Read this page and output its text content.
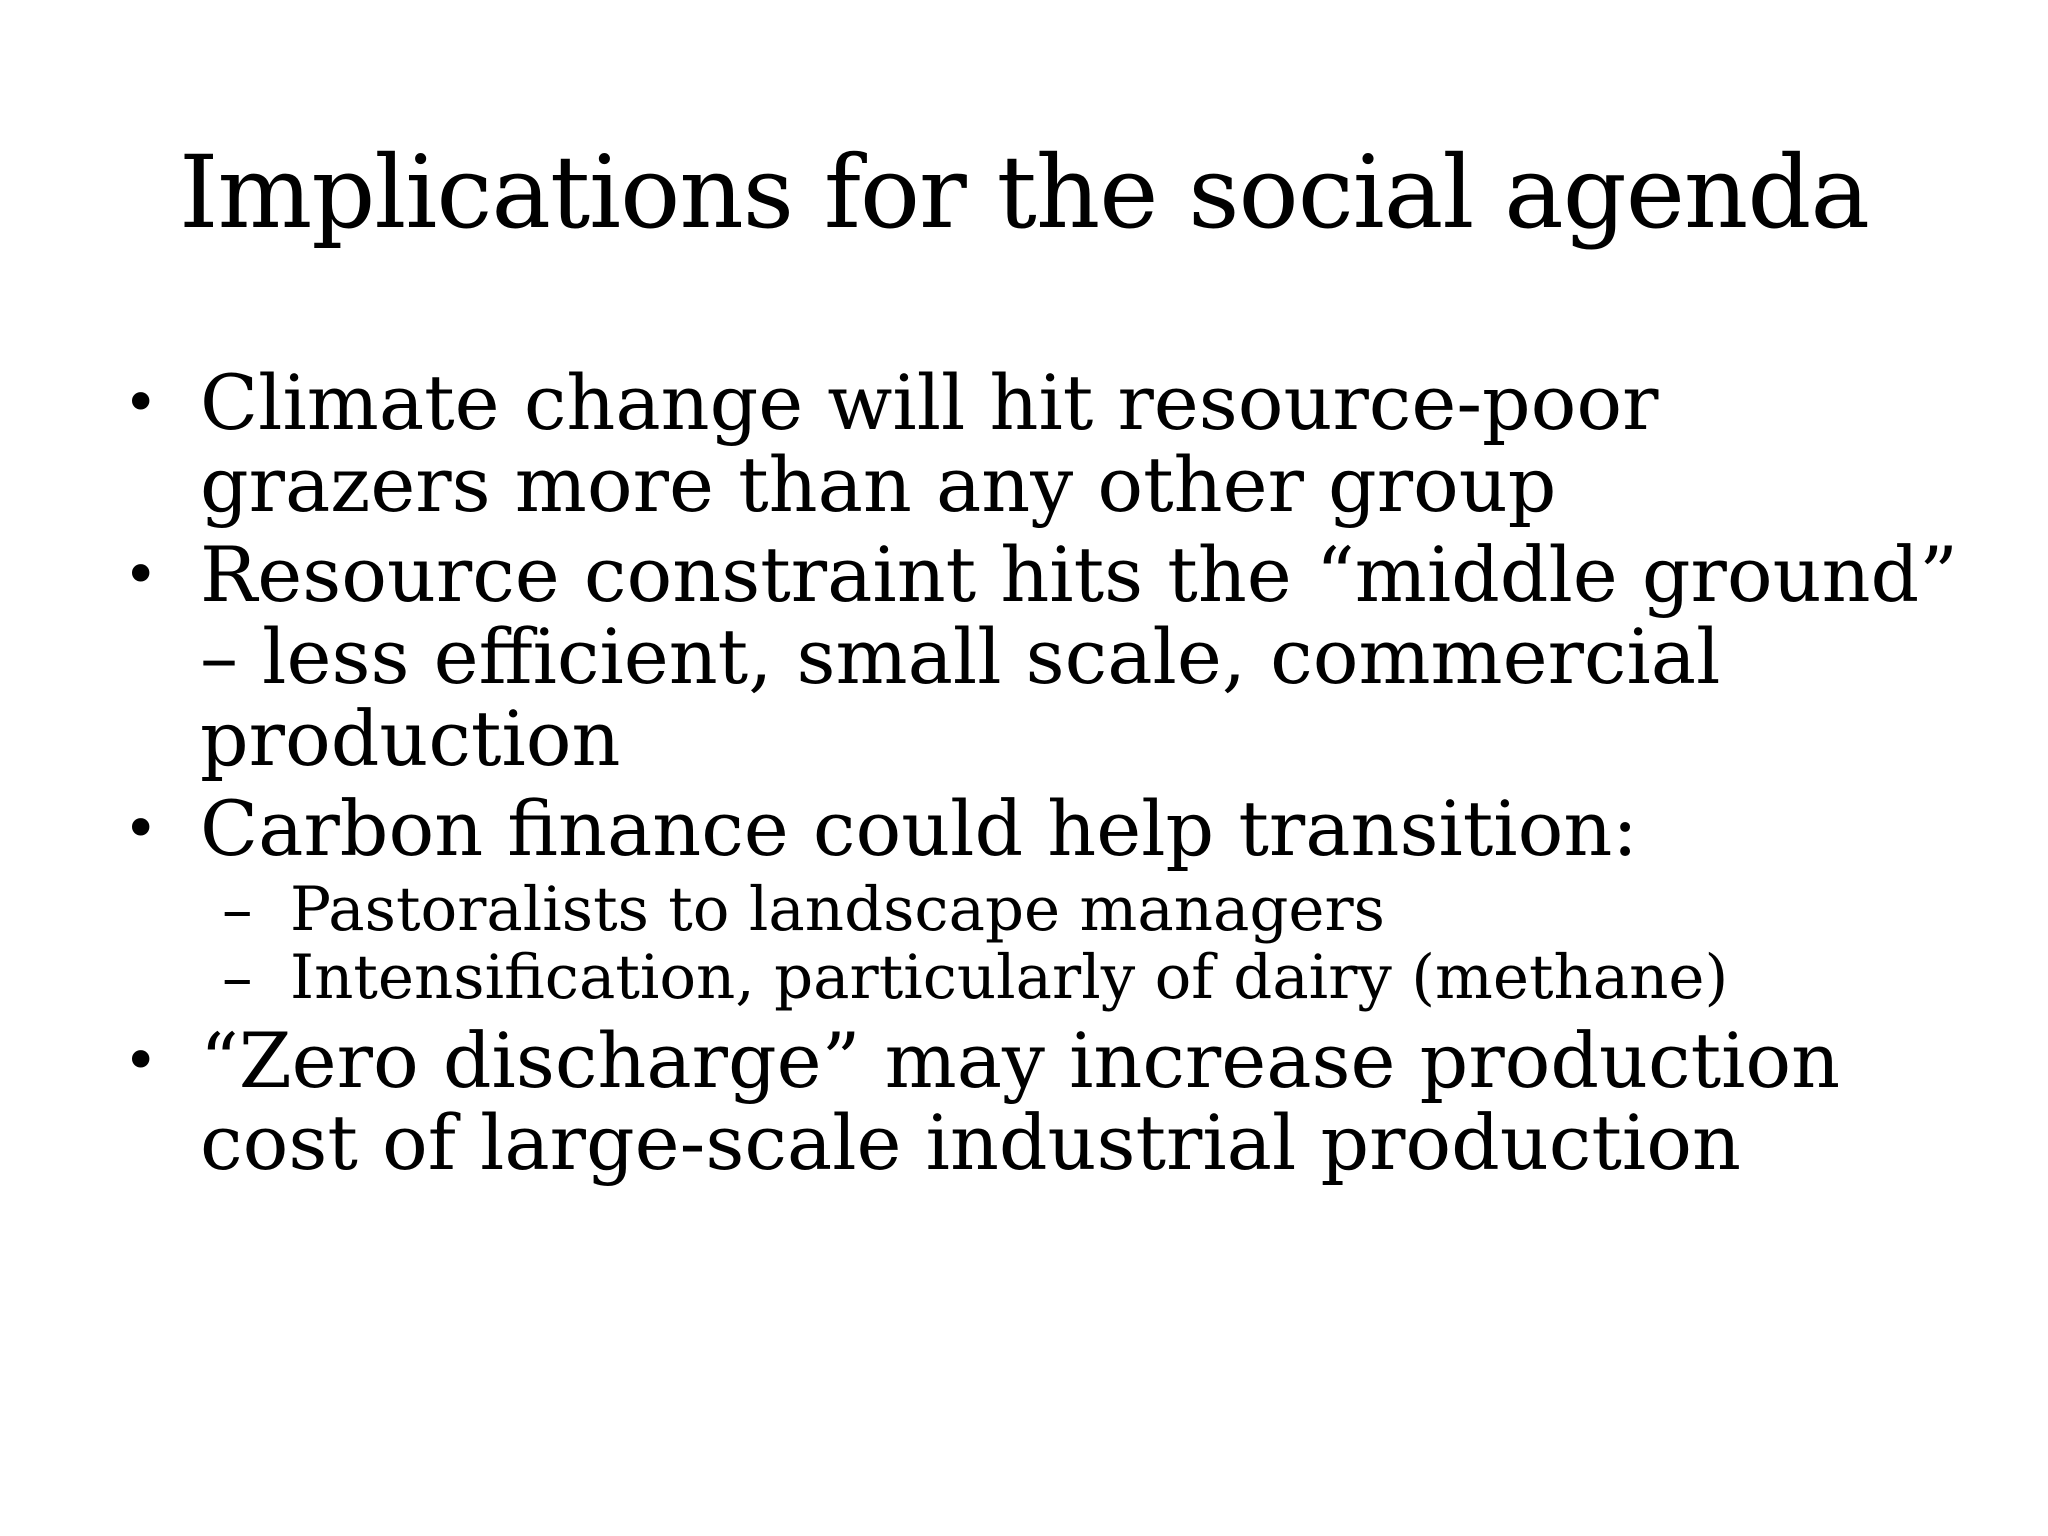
Implications for the social agenda

• Climate change will hit resource-poor grazers more than any other group

• Resource constraint hits the “middle ground” – less efficient, small scale, commercial production

• Carbon finance could help transition:

– Pastoralists to landscape managers

– Intensification, particularly of dairy (methane)

• “Zero discharge” may increase production cost of large-scale industrial production
